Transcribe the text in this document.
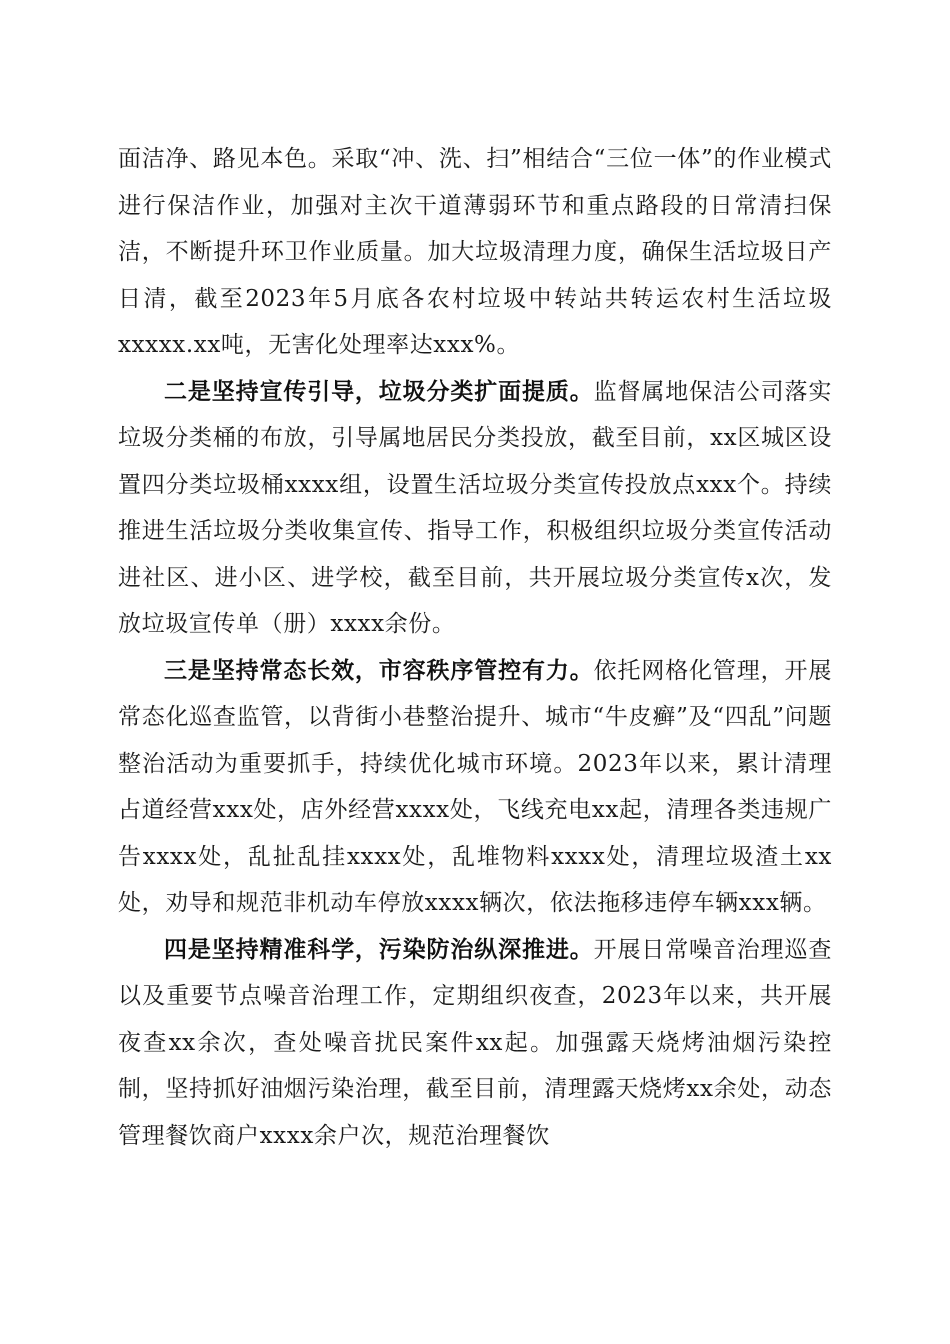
面洁净、路见本色。采取“冲、洗、扫”相结合“三位一体”的作业模式进行保洁作业，加强对主次干道薄弱环节和重点路段的日常清扫保洁，不断提升环卫作业质量。加大垃圾清理力度，确保生活垃圾日产日清，截至2023年5月底各农村垃圾中转站共转运农村生活垃圾xxxxx.xx吨，无害化处理率达xxx%。

二是坚持宣传引导，垃圾分类扩面提质。监督属地保洁公司落实垃圾分类桶的布放，引导属地居民分类投放，截至目前，xx区城区设置四分类垃圾桶xxxx组，设置生活垃圾分类宣传投放点xxx个。持续推进生活垃圾分类收集宣传、指导工作，积极组织垃圾分类宣传活动进社区、进小区、进学校，截至目前，共开展垃圾分类宣传x次，发放垃圾宣传单（册）xxxx余份。

三是坚持常态长效，市容秩序管控有力。依托网格化管理，开展常态化巡查监管，以背街小巷整治提升、城市“牛皮癣”及“四乱”问题整治活动为重要抓手，持续优化城市环境。2023年以来，累计清理占道经营xxx处，店外经营xxxx处，飞线充电xx起，清理各类违规广告xxxx处，乱扯乱挂xxxx处，乱堆物料xxxx处，清理垃圾渣土xx处，劝导和规范非机动车停放xxxx辆次，依法拖移违停车辆xxx辆。

四是坚持精准科学，污染防治纵深推进。开展日常噪音治理巡查以及重要节点噪音治理工作，定期组织夜查，2023年以来，共开展夜查xx余次，查处噪音扰民案件xx起。加强露天烧烤油烟污染控制，坚持抓好油烟污染治理，截至目前，清理露天烧烤xx余处，动态管理餐饮商户xxxx余户次，规范治理餐饮
